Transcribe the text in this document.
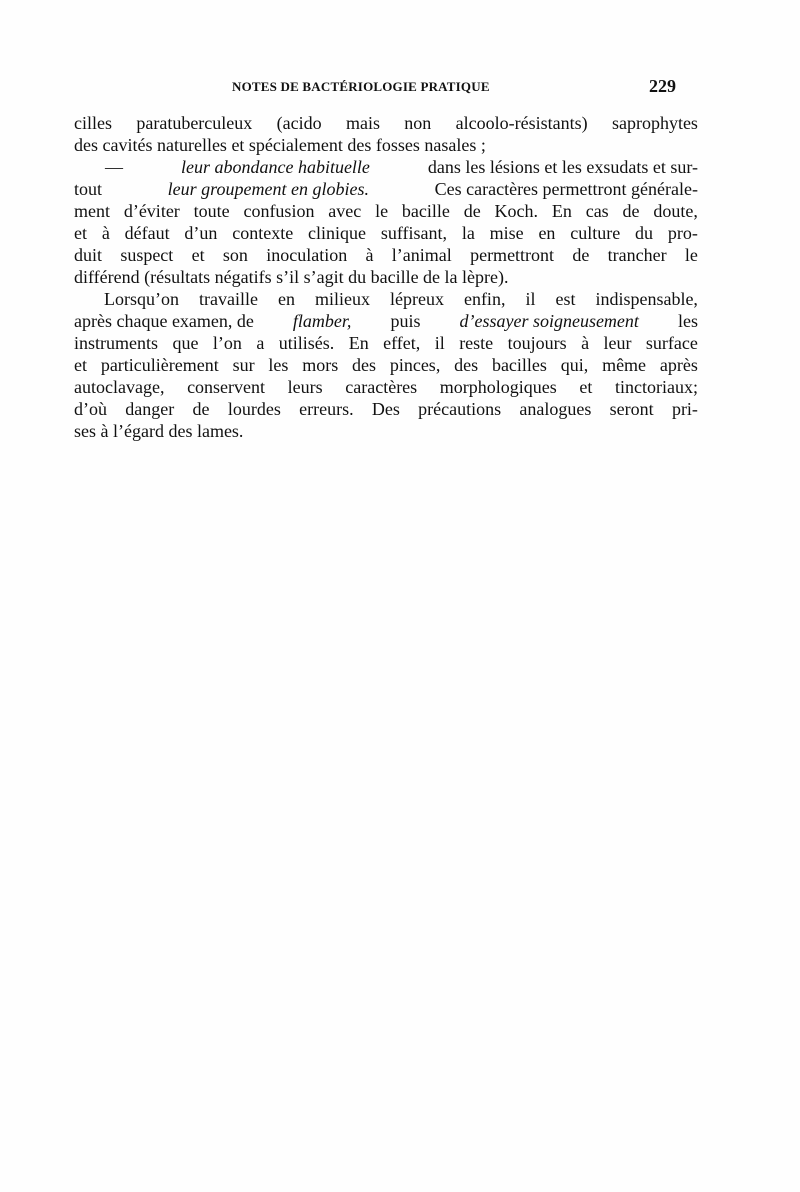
NOTES DE BACTÉRIOLOGIE PRATIQUE	229
cilles paratuberculeux (acido mais non alcoolo-résistants) saprophytes
des cavités naturelles et spécialement des fosses nasales ;
—	leur abondance habituelle	dans les lésions et les exsudats et sur-
tout	leur groupement en globies.	Ces caractères permettront générale-
ment d’éviter toute confusion avec le bacille de Koch. En cas de doute,
et à défaut d’un contexte clinique suffisant, la mise en culture du pro-
duit suspect et son inoculation à l’animal permettront de trancher le
différend (résultats négatifs s’il s’agit du bacille de la lèpre).
Lorsqu’on travaille en milieux lépreux enfin, il est indispensable,
après chaque examen, de flamber, puis d’essayer soigneusement les
instruments que l’on a utilisés. En effet, il reste toujours à leur surface
et particulièrement sur les mors des pinces, des bacilles qui, même après
autoclavage, conservent leurs caractères morphologiques et tinctoriaux;
d’où danger de lourdes erreurs. Des précautions analogues seront pri-
ses à l’égard des lames.
